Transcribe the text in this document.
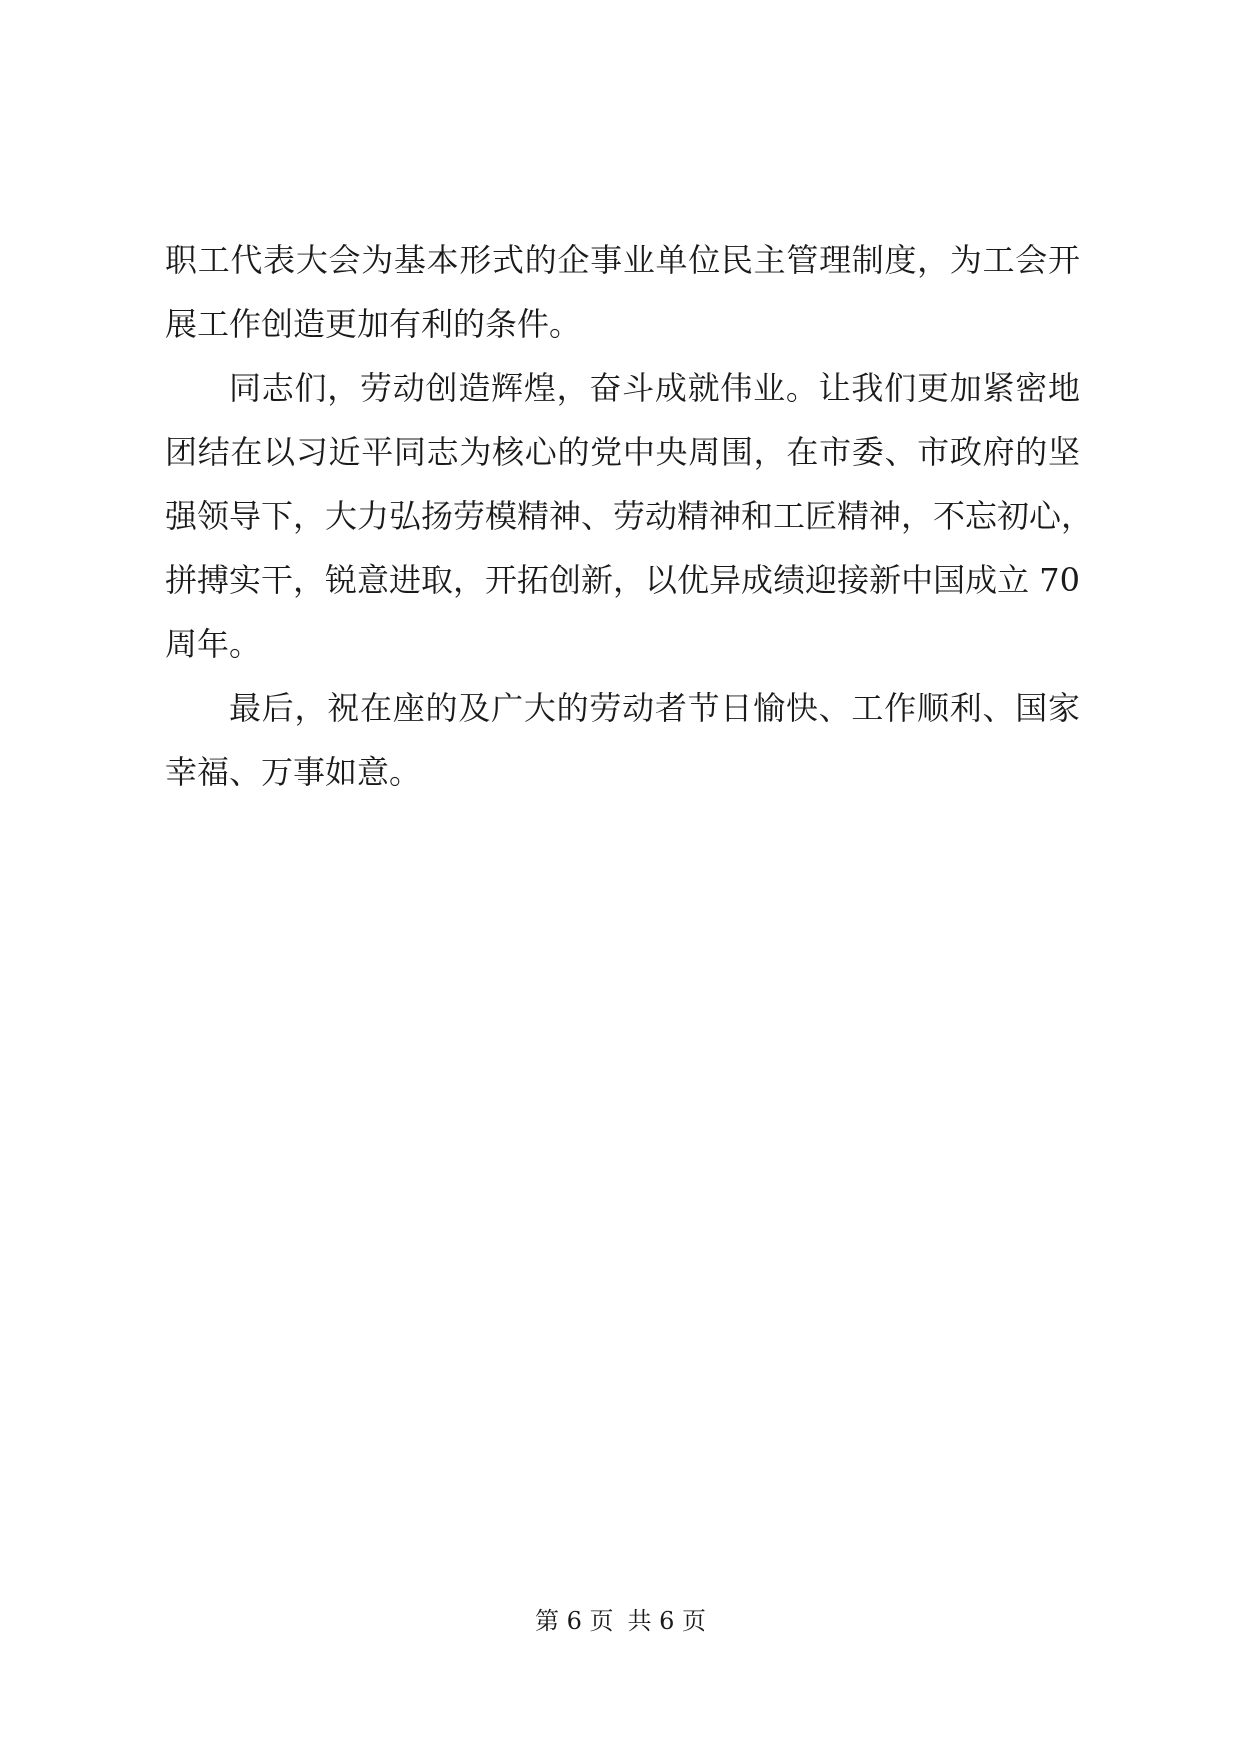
职工代表大会为基本形式的企事业单位民主管理制度，为工会开
展工作创造更加有利的条件。
同志们，劳动创造辉煌，奋斗成就伟业。让我们更加紧密地
团结在以习近平同志为核心的党中央周围，在市委、市政府的坚
强领导下，大力弘扬劳模精神、劳动精神和工匠精神，不忘初心，
拼搏实干，锐意进取，开拓创新，以优异成绩迎接新中国成立 70
周年。
最后，祝在座的及广大的劳动者节日愉快、工作顺利、国家
幸福、万事如意。
第 6 页 共 6 页
